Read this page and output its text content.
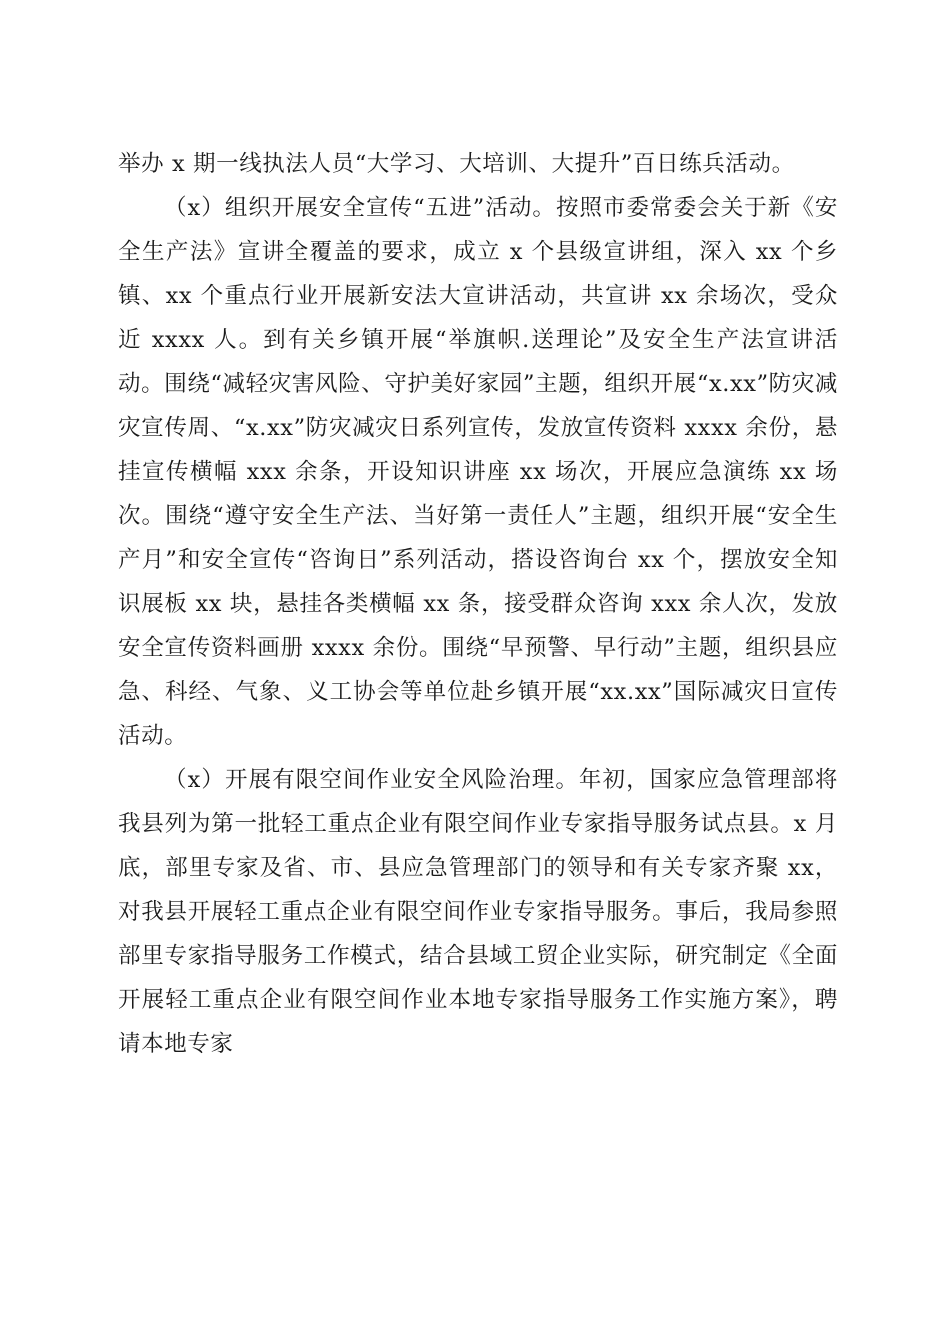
举办 x 期一线执法人员“大学习、大培训、大提升”百日练兵活动。

（x）组织开展安全宣传“五进”活动。按照市委常委会关于新《安全生产法》宣讲全覆盖的要求，成立 x 个县级宣讲组，深入 xx 个乡镇、xx 个重点行业开展新安法大宣讲活动，共宣讲 xx 余场次，受众近 xxxx 人。到有关乡镇开展“举旗帜.送理论”及安全生产法宣讲活动。围绕“减轻灾害风险、守护美好家园”主题，组织开展“x.xx”防灾减灾宣传周、“x.xx”防灾减灾日系列宣传，发放宣传资料 xxxx 余份，悬挂宣传横幅 xxx 余条，开设知识讲座 xx 场次，开展应急演练 xx 场次。围绕“遵守安全生产法、当好第一责任人”主题，组织开展“安全生产月”和安全宣传“咨询日”系列活动，搭设咨询台 xx 个，摆放安全知识展板 xx 块，悬挂各类横幅 xx 条，接受群众咨询 xxx 余人次，发放安全宣传资料画册 xxxx 余份。围绕“早预警、早行动”主题，组织县应急、科经、气象、义工协会等单位赴乡镇开展“xx.xx”国际减灾日宣传活动。

（x）开展有限空间作业安全风险治理。年初，国家应急管理部将我县列为第一批轻工重点企业有限空间作业专家指导服务试点县。x 月底，部里专家及省、市、县应急管理部门的领导和有关专家齐聚 xx，对我县开展轻工重点企业有限空间作业专家指导服务。事后，我局参照部里专家指导服务工作模式，结合县域工贸企业实际，研究制定《全面开展轻工重点企业有限空间作业本地专家指导服务工作实施方案》，聘请本地专家
